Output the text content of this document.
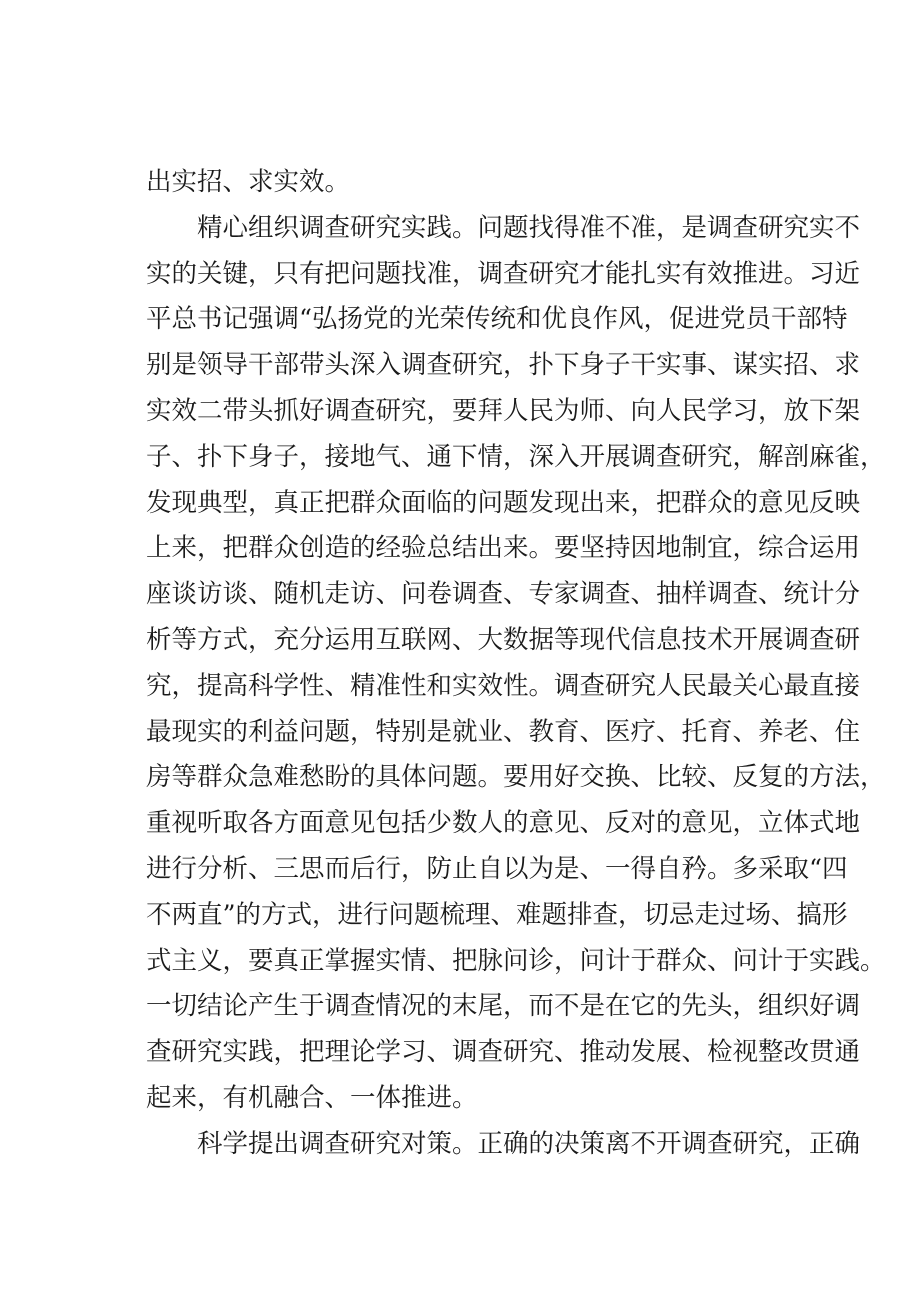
出实招、求实效。
精心组织调查研究实践。问题找得准不准，是调查研究实不
实的关键，只有把问题找准，调查研究才能扎实有效推进。习近
平总书记强调“弘扬党的光荣传统和优良作风，促进党员干部特
别是领导干部带头深入调查研究，扑下身子干实事、谋实招、求
实效二带头抓好调查研究，要拜人民为师、向人民学习，放下架
子、扑下身子，接地气、通下情，深入开展调查研究，解剖麻雀，
发现典型，真正把群众面临的问题发现出来，把群众的意见反映
上来，把群众创造的经验总结出来。要坚持因地制宜，综合运用
座谈访谈、随机走访、问卷调查、专家调查、抽样调查、统计分
析等方式，充分运用互联网、大数据等现代信息技术开展调查研
究，提高科学性、精准性和实效性。调查研究人民最关心最直接
最现实的利益问题，特别是就业、教育、医疗、托育、养老、住
房等群众急难愁盼的具体问题。要用好交换、比较、反复的方法，
重视听取各方面意见包括少数人的意见、反对的意见，立体式地
进行分析、三思而后行，防止自以为是、一得自矜。多采取“四
不两直”的方式，进行问题梳理、难题排查，切忌走过场、搞形
式主义，要真正掌握实情、把脉问诊，问计于群众、问计于实践。
一切结论产生于调查情况的末尾，而不是在它的先头，组织好调
查研究实践，把理论学习、调查研究、推动发展、检视整改贯通
起来，有机融合、一体推进。
科学提出调查研究对策。正确的决策离不开调查研究，正确
